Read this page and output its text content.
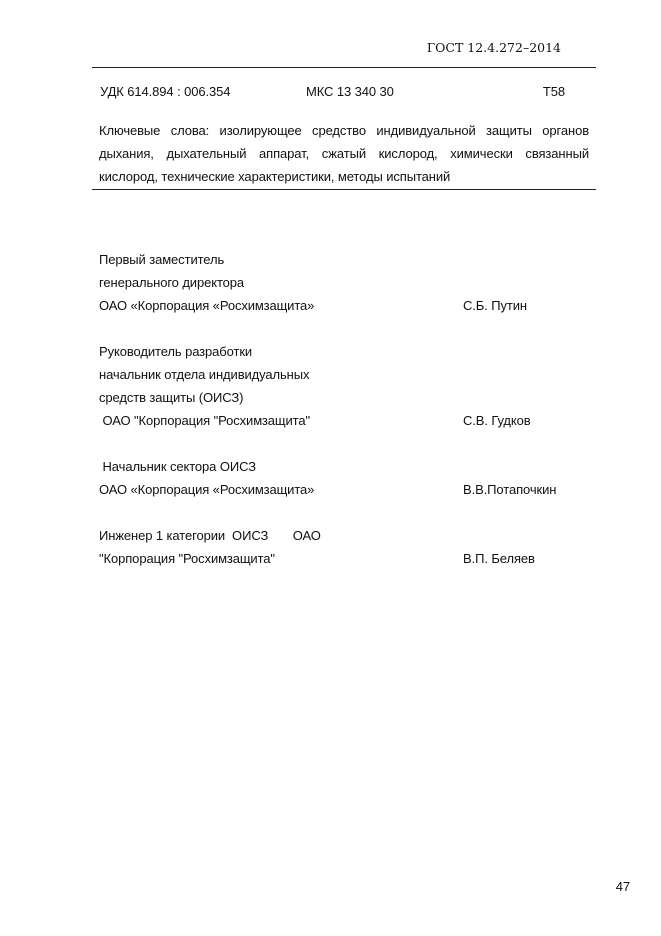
ГОСТ 12.4.272–2014
УДК 614.894 : 006.354	МКС 13 340 30	Т58
Ключевые слова: изолирующее средство индивидуальной защиты органов дыхания, дыхательный аппарат, сжатый кислород, химически связанный кислород, технические характеристики, методы испытаний
Первый заместитель
генерального директора
ОАО «Корпорация «Росхимзащита»	С.Б. Путин
Руководитель разработки
начальник отдела индивидуальных
средств защиты (ОИСЗ)
ОАО "Корпорация "Росхимзащита"	С.В. Гудков
Начальник сектора ОИСЗ
ОАО «Корпорация «Росхимзащита»	В.В.Потапочкин
Инженер 1 категории  ОИСЗ       ОАО
"Корпорация "Росхимзащита"	В.П. Беляев
47
